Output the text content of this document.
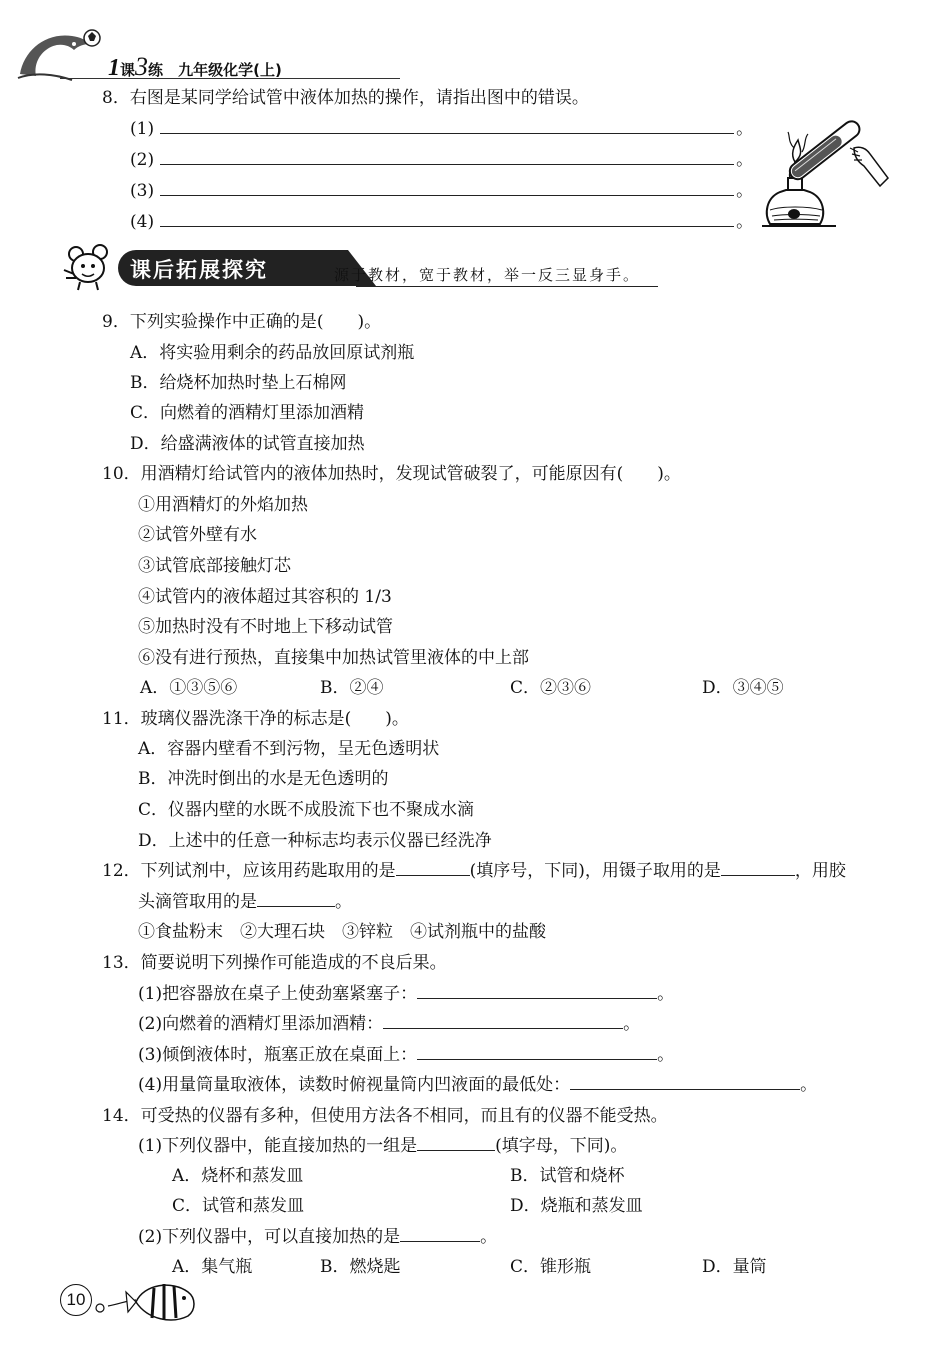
1课3练 九年级化学(上)
8．右图是某同学给试管中液体加热的操作，请指出图中的错误。
(1)	。
(2)	。
(3)	。
(4)	。
课后拓展探究	源于教材，宽于教材，举一反三显身手。
9．下列实验操作中正确的是(　　)。
A．将实验用剩余的药品放回原试剂瓶
B．给烧杯加热时垫上石棉网
C．向燃着的酒精灯里添加酒精
D．给盛满液体的试管直接加热
10．用酒精灯给试管内的液体加热时，发现试管破裂了，可能原因有(　　)。
①用酒精灯的外焰加热
②试管外壁有水
③试管底部接触灯芯
④试管内的液体超过其容积的 1/3
⑤加热时没有不时地上下移动试管
⑥没有进行预热，直接集中加热试管里液体的中上部
A．①③⑤⑥	B．②④	C．②③⑥	D．③④⑤
11．玻璃仪器洗涤干净的标志是(　　)。
A．容器内壁看不到污物，呈无色透明状
B．冲洗时倒出的水是无色透明的
C．仪器内壁的水既不成股流下也不聚成水滴
D．上述中的任意一种标志均表示仪器已经洗净
12．下列试剂中，应该用药匙取用的是	(填序号，下同)，用镊子取用的是	，用胶
头滴管取用的是	。
①食盐粉末　②大理石块　③锌粒　④试剂瓶中的盐酸
13．简要说明下列操作可能造成的不良后果。
(1)把容器放在桌子上使劲塞紧塞子：	。
(2)向燃着的酒精灯里添加酒精：	。
(3)倾倒液体时，瓶塞正放在桌面上：	。
(4)用量筒量取液体，读数时俯视量筒内凹液面的最低处：	。
14．可受热的仪器有多种，但使用方法各不相同，而且有的仪器不能受热。
(1)下列仪器中，能直接加热的一组是	(填字母，下同)。
A．烧杯和蒸发皿	B．试管和烧杯
C．试管和蒸发皿	D．烧瓶和蒸发皿
(2)下列仪器中，可以直接加热的是	。
A．集气瓶	B．燃烧匙	C．锥形瓶	D．量筒
10
